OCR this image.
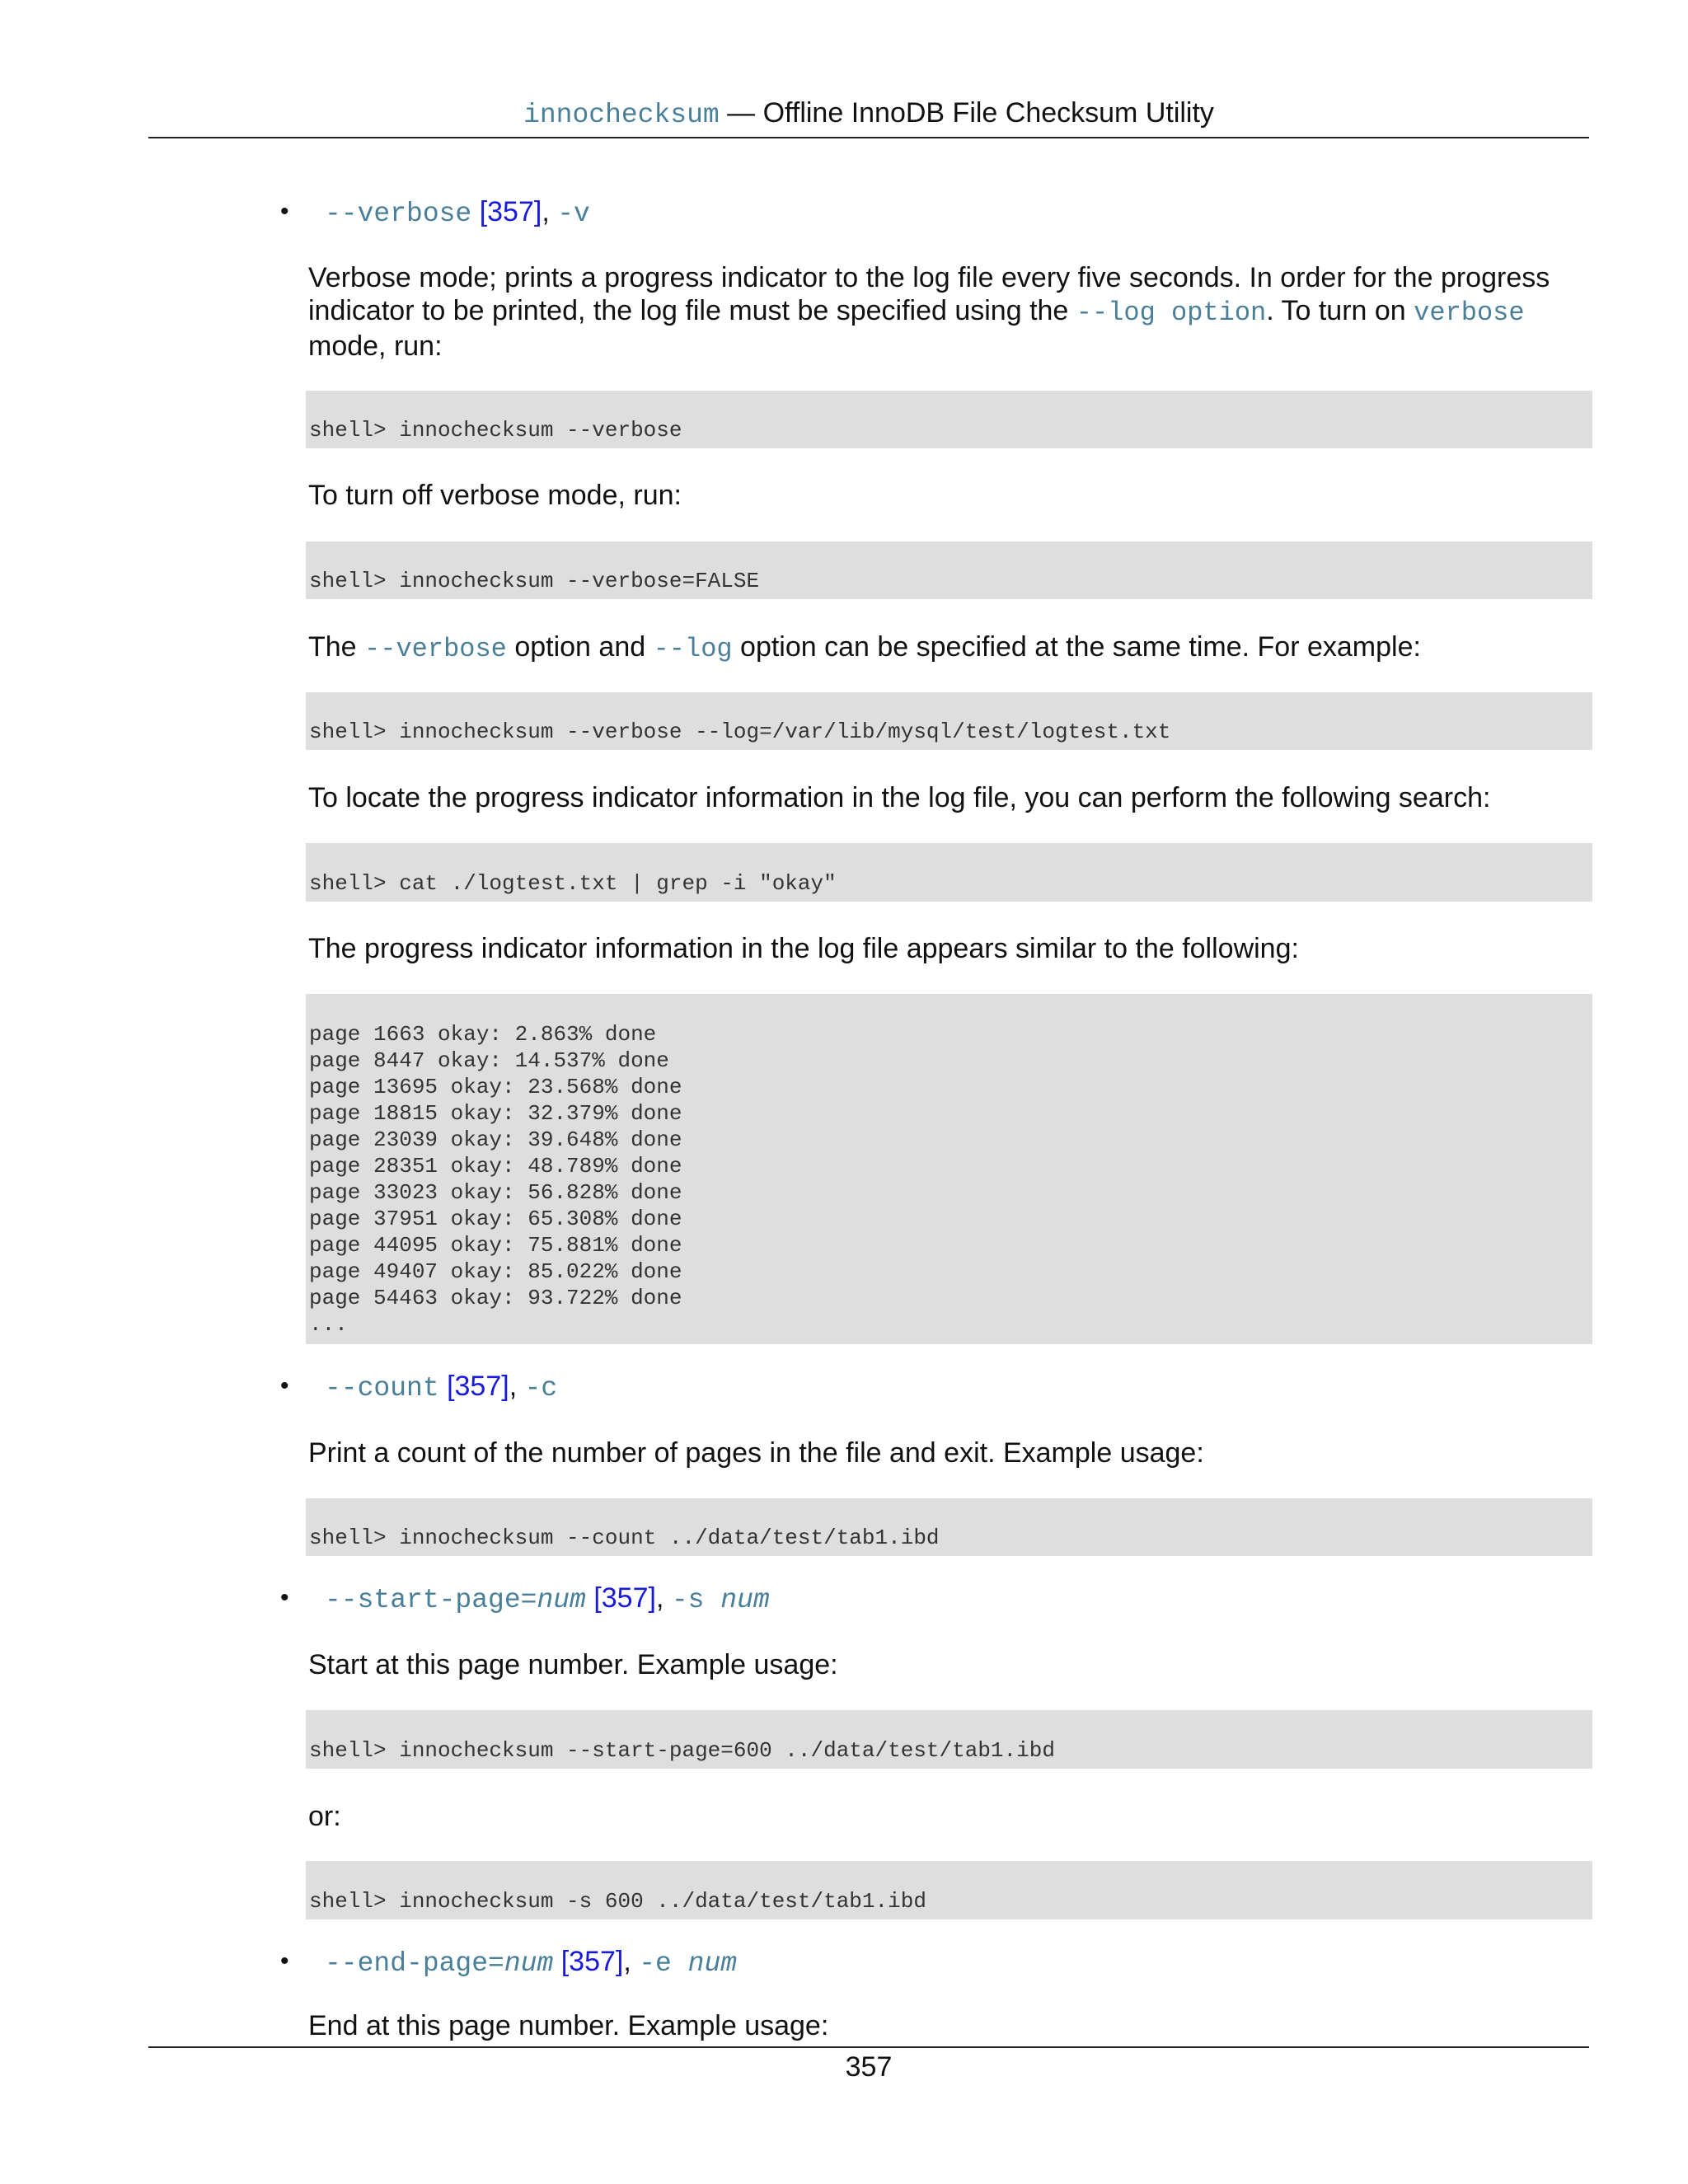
innochecksum — Offline InnoDB File Checksum Utility
• --verbose [357], -v
Verbose mode; prints a progress indicator to the log file every five seconds. In order for the progress indicator to be printed, the log file must be specified using the --log option. To turn on verbose mode, run:
shell> innochecksum --verbose
To turn off verbose mode, run:
shell> innochecksum --verbose=FALSE
The --verbose option and --log option can be specified at the same time. For example:
shell> innochecksum --verbose --log=/var/lib/mysql/test/logtest.txt
To locate the progress indicator information in the log file, you can perform the following search:
shell> cat ./logtest.txt | grep -i "okay"
The progress indicator information in the log file appears similar to the following:
page 1663 okay: 2.863% done
page 8447 okay: 14.537% done
page 13695 okay: 23.568% done
page 18815 okay: 32.379% done
page 23039 okay: 39.648% done
page 28351 okay: 48.789% done
page 33023 okay: 56.828% done
page 37951 okay: 65.308% done
page 44095 okay: 75.881% done
page 49407 okay: 85.022% done
page 54463 okay: 93.722% done
...
• --count [357], -c
Print a count of the number of pages in the file and exit. Example usage:
shell> innochecksum --count ../data/test/tab1.ibd
• --start-page=num [357], -s num
Start at this page number. Example usage:
shell> innochecksum --start-page=600 ../data/test/tab1.ibd
or:
shell> innochecksum -s 600 ../data/test/tab1.ibd
• --end-page=num [357], -e num
End at this page number. Example usage:
357
